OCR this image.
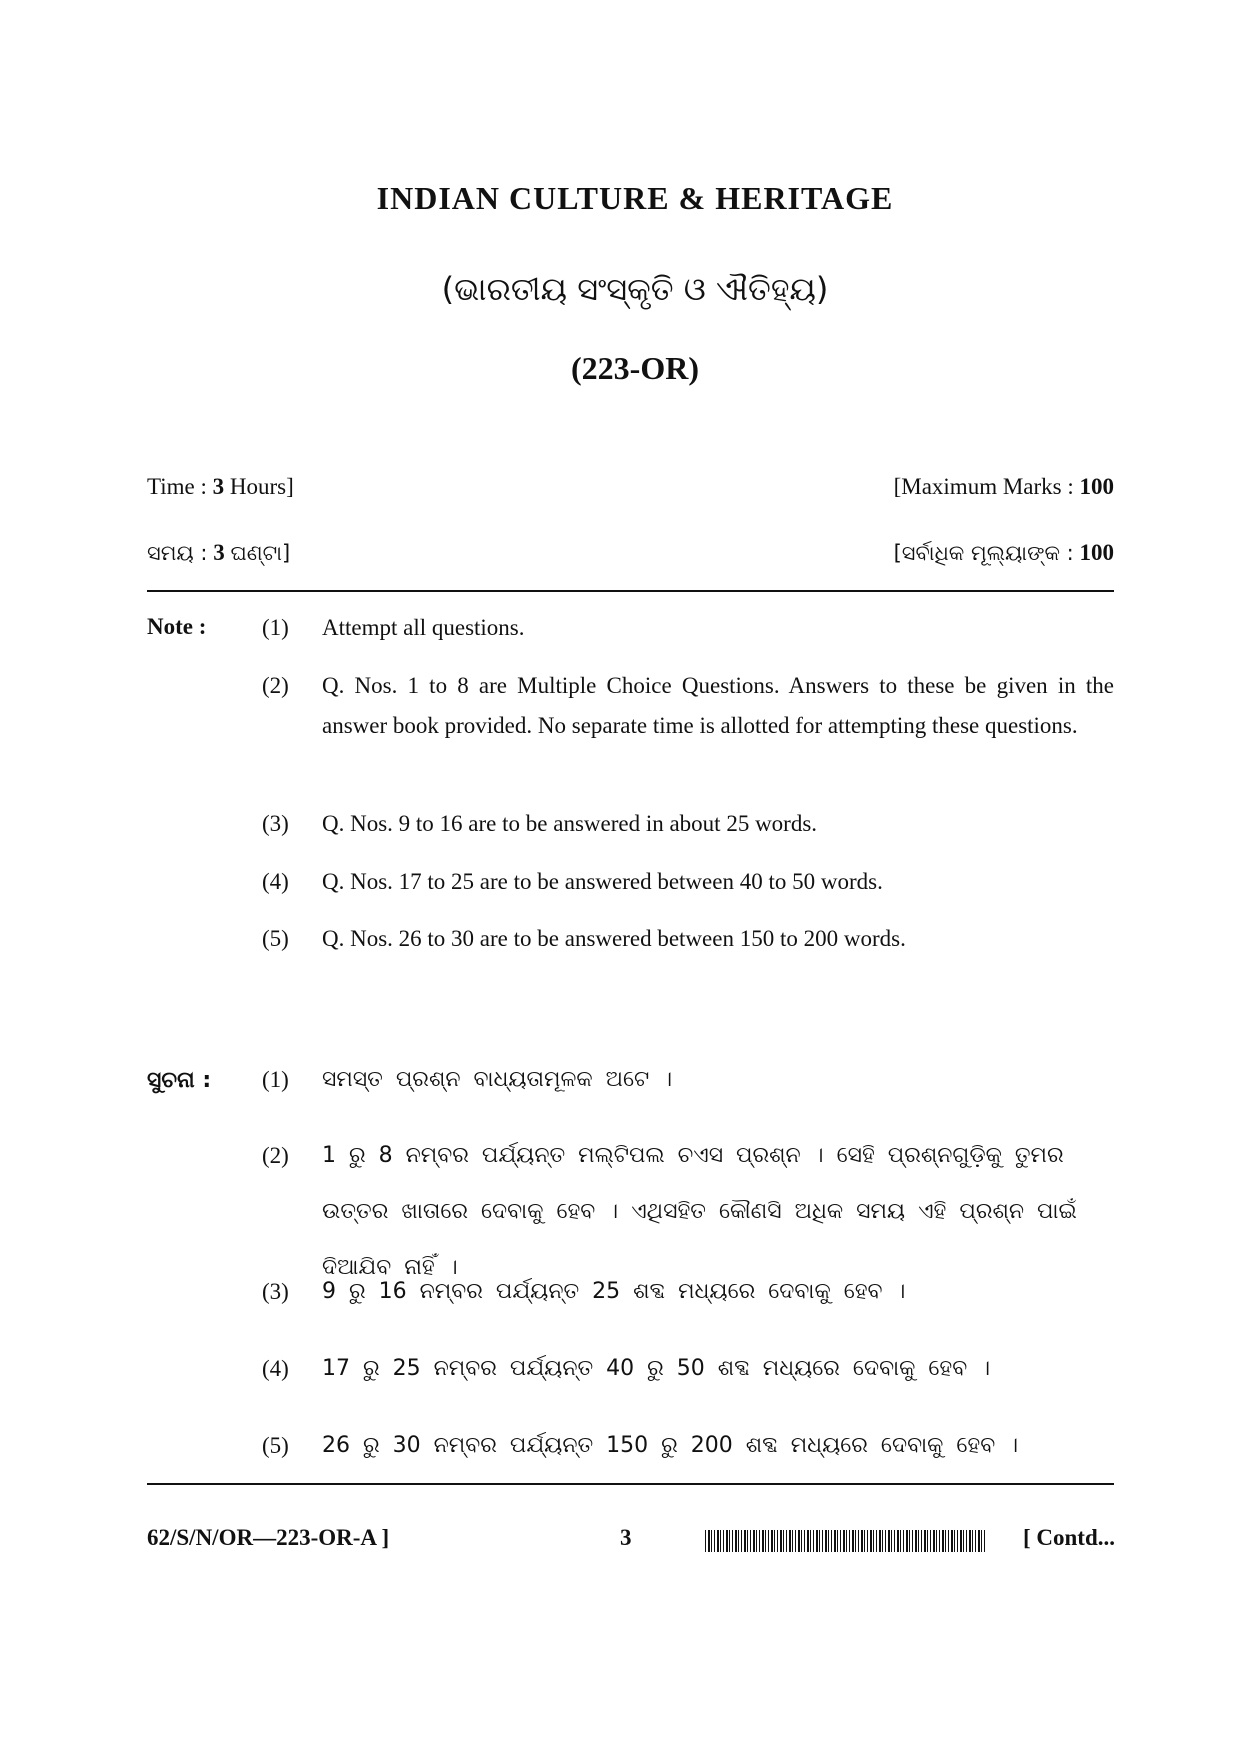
INDIAN CULTURE & HERITAGE
(ଭାରତୀୟ ସଂସ୍କୃତି ଓ ଐତିହ୍ୟ)
(223-OR)
Time : 3 Hours]	[Maximum Marks : 100
ସମୟ : 3 ଘଣ୍ଟା]	[ସର୍ବାଧିକ ମୂଲ୍ୟାଙ୍କ : 100
Note : (1) Attempt all questions.
(2) Q. Nos. 1 to 8 are Multiple Choice Questions. Answers to these be given in the answer book provided. No separate time is allotted for attempting these questions.
(3) Q. Nos. 9 to 16 are to be answered in about 25 words.
(4) Q. Nos. 17 to 25 are to be answered between 40 to 50 words.
(5) Q. Nos. 26 to 30 are to be answered between 150 to 200 words.
ସୁଚନା : (1) ସମସ୍ତ ପ୍ରଶ୍ନ ବାଧ୍ୟତାମୂଳକ ଅଟେ ।
(2) 1 ରୁ 8 ନମ୍ବର ପର୍ଯ୍ୟନ୍ତ ମଲ୍ଟିପଲ ଚଏସ ପ୍ରଶ୍ନ । ସେହି ପ୍ରଶ୍ନଗୁଡ଼ିକୁ ତୁମର ଉତ୍ତର ଖାତାରେ ଦେବାକୁ ହେବ । ଏଥିସହିତ କୌଣସି ଅଧିକ ସମୟ ଏହି ପ୍ରଶ୍ନ ପାଇଁ ଦିଆଯିବ ନାହିଁ ।
(3) 9 ରୁ 16 ନମ୍ବର ପର୍ଯ୍ୟନ୍ତ 25 ଶବ୍ଦ ମଧ୍ୟରେ ଦେବାକୁ ହେବ ।
(4) 17 ରୁ 25 ନମ୍ବର ପର୍ଯ୍ୟନ୍ତ 40 ରୁ 50 ଶବ୍ଦ ମଧ୍ୟରେ ଦେବାକୁ ହେବ ।
(5) 26 ରୁ 30 ନମ୍ବର ପର୍ଯ୍ୟନ୍ତ 150 ରୁ 200 ଶବ୍ଦ ମଧ୍ୟରେ ଦେବାକୁ ହେବ ।
62/S/N/OR—223-OR-A ]	3	[ Contd...
